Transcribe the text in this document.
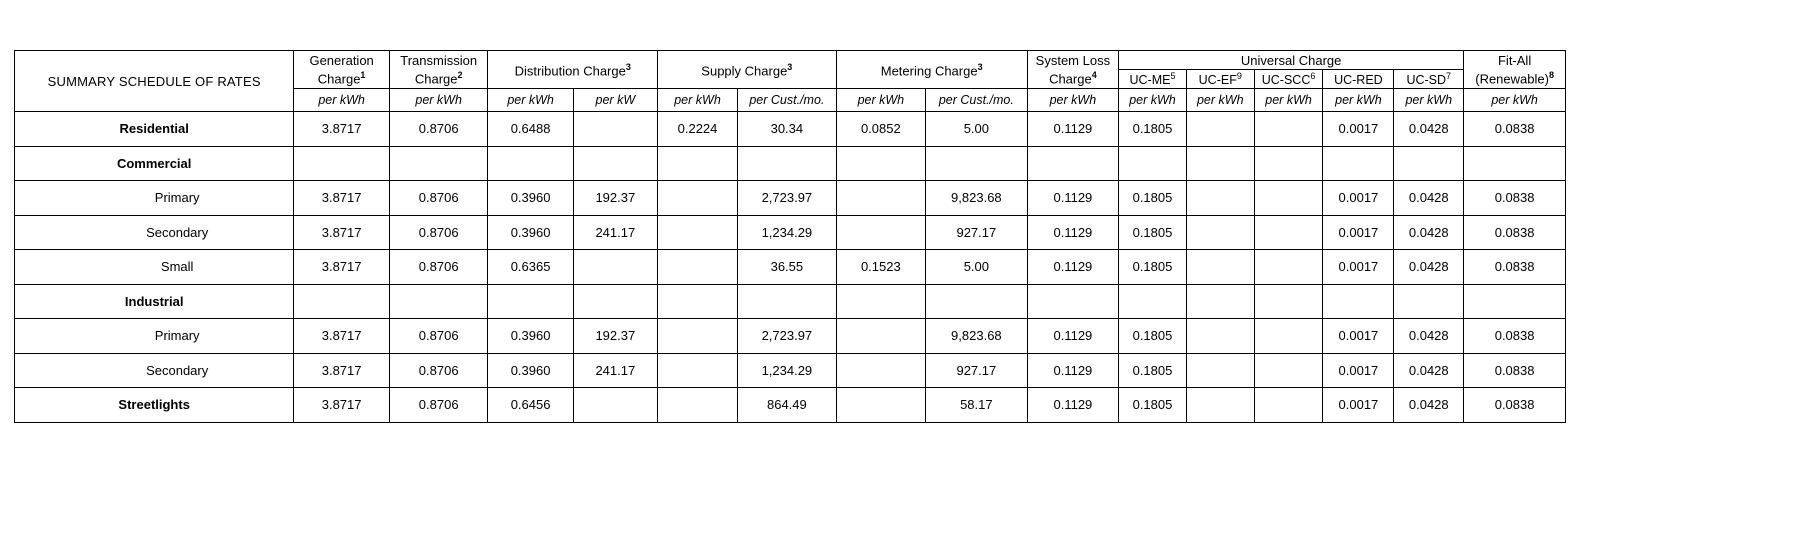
SUMMARY SCHEDULE OF RATES	Generation Charge$^1$	Transmission Charge$^2$	Distribution Charge$^3$		Supply Charge$^3$		Metering Charge$^3$		System Loss Charge$^4$	Universal Charge					Fit-All (Renewable)$^8$
										$UC-ME^5$	$UC-EF^9$	UC-SCC$^6$	UC-RED	$UC-SD^7$
	per kWh	per kWh	per kWh	per kW	per kWh	per Cust./mo.	per kWh	per Cust./mo.	per kWh	per kWh	per kWh	per kWh	per kWh	per kWh	per kWh
Residential	3.8717	0.8706	0.6488		0.2224	30.34	0.0852	5.00	0.1129	0.1805			0.0017	0.0428	0.0838
Commercial															
Primary	3.8717	0.8706	0.3960	192.37		2,723.97		9,823.68	0.1129	0.1805			0.0017	0.0428	0.0838
Secondary	3.8717	0.8706	0.3960	241.17		1,234.29		927.17	0.1129	0.1805			0.0017	0.0428	0.0838
Small	3.8717	0.8706	0.6365			36.55	0.1523	5.00	0.1129	0.1805			0.0017	0.0428	0.0838
Industrial															
Primary	3.8717	0.8706	0.3960	192.37		2,723.97		9,823.68	0.1129	0.1805			0.0017	0.0428	0.0838
Secondary	3.8717	0.8706	0.3960	241.17		1,234.29		927.17	0.1129	0.1805			0.0017	0.0428	0.0838
Streetlights	3.8717	0.8706	0.6456			864.49		58.17	0.1129	0.1805			0.0017	0.0428	0.0838
